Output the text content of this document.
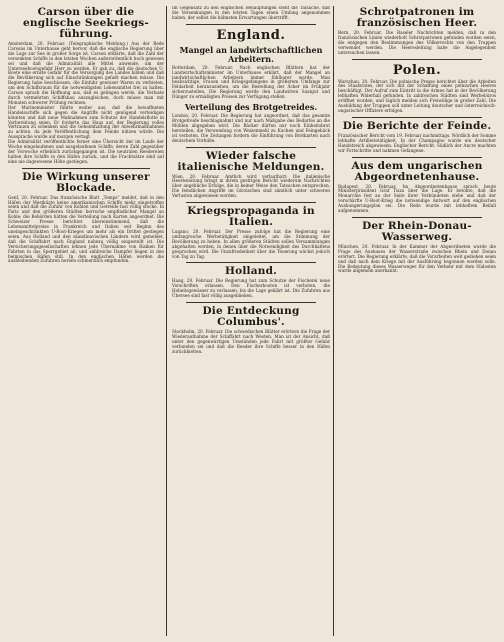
Carson über die englische Seekriegs-
führung.

Amsterdam, 20. Februar. (Telegraphische Meldung.) Aus der Rede Carsons im Unterhause geht hervor, daß die englische Regierung über die Lage zur See in großer Sorge ist. Carson erklärte, daß die Zahl der versenkten Schiffe in den letzten Wochen außerordentlich hoch gewesen sei und daß die Admiralität alle Mittel anwende, um der Unterseebootsgefahr Herr zu werden. Er gab zu, daß die deutschen U-Boote eine ernste Gefahr für die Versorgung des Landes bilden und daß die Bevölkerung sich auf Einschränkungen gefaßt machen müsse. Die Regierung habe beschlossen, die Einfuhr gewisser Waren zu verbieten, um den Schiffsraum für die notwendigsten Lebensmittel frei zu halten. Carson sprach die Hoffnung aus, daß es gelingen werde, die Verluste durch vermehrten Schiffsbau auszugleichen, doch müsse man mit Monaten schwerer Prüfung rechnen.

Der Marineminister führte weiter aus, daß die bewaffneten Handelsschiffe sich gegen die Angriffe nicht genügend verteidigen könnten und daß neue Maßnahmen zum Schutze der Handelsflotte in Vorbereitung seien. Er forderte das Haus auf, der Regierung volles Vertrauen zu schenken und die Geheimhaltung der Abwehrmaßnahmen zu achten, da jede Veröffentlichung dem Feinde nützen würde. Die Aussprache wurde auf morgen vertagt.

Die Admiralität veröffentlichte ferner eine Übersicht der im Laufe der Woche eingelaufenen und ausgelaufenen Schiffe, deren Zahl gegenüber der Vorwoche erheblich zurückgegangen ist. Die neutralen Reedereien halten ihre Schiffe in den Häfen zurück, und die Frachtsätze sind auf eine nie dagewesene Höhe gestiegen.

Die Wirkung unserer Blockade.

Genf, 20. Februar. Das französische Blatt „Temps“ meldet, daß in den Häfen der Westküste keine amerikanischen Schiffe mehr eingetroffen seien und daß die Zufuhr von Kohlen und Getreide fast völlig stocke. In Paris und den größeren Städten herrsche empfindlicher Mangel an Kohle; die Behörden hätten die Verteilung nach Karten angeordnet. Die Schweizer Presse berichtet übereinstimmend, daß die Lebensmittelpreise in Frankreich und Italien seit Beginn des uneingeschränkten U-Boot-Krieges um mehr als ein Drittel gestiegen seien. Aus Holland und den skandinavischen Ländern wird gemeldet, daß die Schiffahrt nach England nahezu völlig eingestellt ist. Die Versicherungsgesellschaften lehnen jede Übernahme von Risiken für Fahrten in das Sperrgebiet ab, und zahlreiche Dampfer liegen in den heimischen Häfen still. In den englischen Häfen werden die ausbleibenden Zufuhren bereits schmerzlich empfunden.

Im Gegensatz zu den englischen Behauptungen steht die Tatsache, daß die Versenkungen in den letzten Tagen einen Umfang angenommen haben, der selbst die kühnsten Erwartungen übertrifft.

England.
Mangel an landwirtschaftlichen Arbeitern.

Rotterdam, 20. Februar. Nach englischen Blättern hat der Landwirtschaftsminister im Unterhause erklärt, daß der Mangel an landwirtschaftlichen Arbeitern immer fühlbarer werde. Man beabsichtige, Frauen und Kriegsgefangene in größerem Umfange zur Feldarbeit heranzuziehen, um die Bestellung der Äcker im Frühjahr sicherzustellen. Die Regierung werde den Landwirten Saatgut und Dünger zu ermäßigten Preisen zur Verfügung stellen.

Verteilung des Brotgetreides.

London, 20. Februar. Die Regierung hat angeordnet, daß das gesamte Brotgetreide beschlagnahmt und nur nach Maßgabe des Bedarfes an die Mühlen abgegeben wird. Die Bäcker dürfen nur noch Einheitsbrot herstellen; die Verwendung von Weizenmehl zu Kuchen und Feingebäck ist verboten. Die Zeitungen fordern die Einführung von Brotkarten nach deutschem Vorbilde.

Wieder falsche italienische Meldungen.

Wien, 20. Februar. Amtlich wird verlautbart: Die italienische Heeresleitung bringt in ihrem gestrigen Bericht wiederum Nachrichten über angebliche Erfolge, die in keiner Weise den Tatsachen entsprechen. Die feindlichen Angriffe im Görzischen sind sämtlich unter schweren Verlusten abgewiesen worden.

Kriegspropaganda in Italien.

Lugano, 20. Februar. Der Presse zufolge hat die Regierung eine umfangreiche Werbetätigkeit eingeleitet, um die Stimmung der Bevölkerung zu heben. In allen größeren Städten sollen Versammlungen abgehalten werden, in denen über die Notwendigkeit des Durchhaltens gesprochen wird. Die Unzufriedenheit über die Teuerung wächst jedoch von Tag zu Tag.

Holland.

Haag, 20. Februar. Die Regierung hat zum Schutze der Fischerei neue Vorschriften erlassen. Den Fischerbooten ist verboten, die Hoheitsgewässer zu verlassen, bis die Lage geklärt ist. Die Zufuhren aus Übersee sind fast völlig ausgeblieben.

Die Entdeckung Columbus'.

Stockholm, 20. Februar. Die schwedischen Blätter erörtern die Frage der Wiederaufnahme der Schiffahrt nach Westen. Man ist der Ansicht, daß unter den gegenwärtigen Umständen jede Fahrt mit größter Gefahr verbunden sei und daß die Reeder ihre Schiffe besser in den Häfen zurückhielten.

Schrotpatronen im französischen Heer.

Bern, 20. Februar. Die Baseler Nachrichten melden, daß in den französischen Linien wiederholt Schrotpatronen gefunden worden seien, die entgegen den Bestimmungen des Völkerrechts von den Truppen verwendet werden. Die Heeresleitung habe die Angelegenheit untersuchen lassen.

Polen.

Warschau, 20. Februar. Die polnische Presse berichtet über die Arbeiten des Staatsrates, der sich mit der Schaffung eines polnischen Heeres beschäftigt. Der Aufruf zum Eintritt in die Armee hat in der Bevölkerung lebhaften Widerhall gefunden. In zahlreichen Städten sind Werbebüros eröffnet worden, und täglich melden sich Freiwillige in großer Zahl. Die Ausbildung der Truppen soll unter Leitung deutscher und österreichisch-ungarischer Offiziere erfolgen.

Die Berichte der Feinde.

Französischer Bericht vom 19. Februar nachmittags. Nördlich der Somme lebhafte Artillerietätigkeit. In der Champagne wurde ein deutscher Handstreich abgewiesen. Englischer Bericht: Südlich der Ancre machten wir Fortschritte und nahmen Gefangene.

Aus dem ungarischen Abgeordnetenhause.

Budapest, 20. Februar. Im Abgeordnetenhause sprach heute Ministerpräsident Graf Tisza über die Lage. Er betonte, daß die Monarchie fest an der Seite ihrer Verbündeten stehe und daß der verschärfte U-Boot-Krieg die notwendige Antwort auf den englischen Aushungerungsplan sei. Die Rede wurde mit lebhaftem Beifall aufgenommen.

Der Rhein-Donau-Wasserweg.

München, 20. Februar. In der Kammer der Abgeordneten wurde die Frage des Ausbaues der Wasserstraße zwischen Rhein und Donau erörtert. Die Regierung erklärte, daß die Vorarbeiten weit gediehen seien und daß nach dem Kriege mit der Ausführung begonnen werden solle. Die Bedeutung dieses Wasserweges für den Verkehr mit dem Südosten wurde allgemein anerkannt.
